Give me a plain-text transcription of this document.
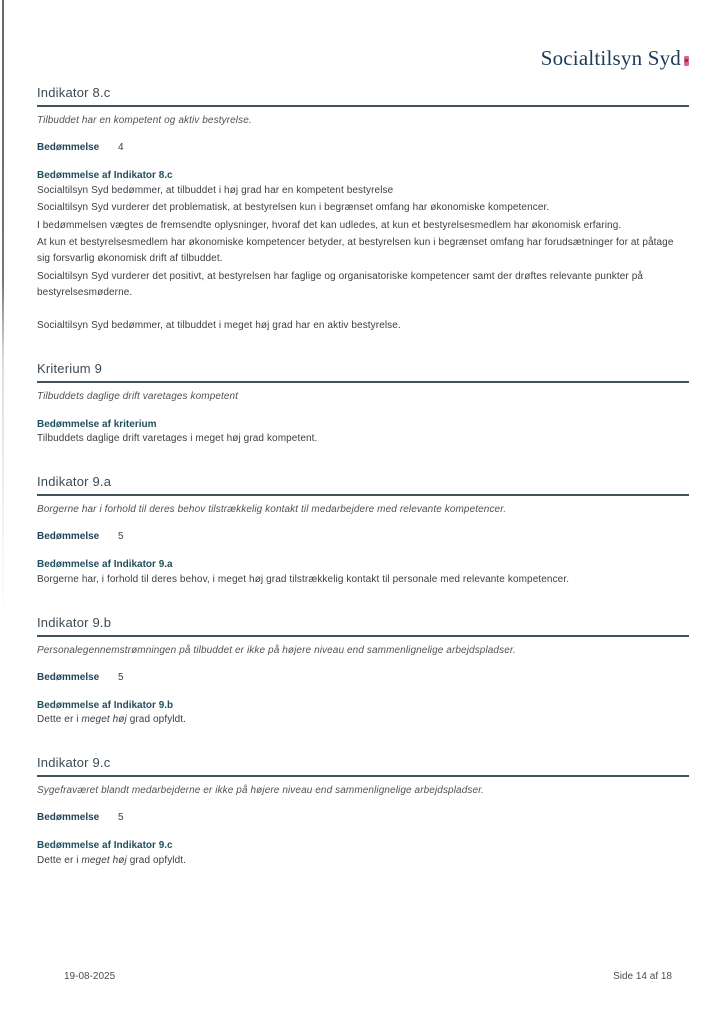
Socialtilsyn Syd
Indikator 8.c
Tilbuddet har en kompetent og aktiv bestyrelse.
Bedømmelse 4
Bedømmelse af Indikator 8.c

Socialtilsyn Syd bedømmer, at tilbuddet i høj grad har en kompetent bestyrelse

Socialtilsyn Syd vurderer det problematisk, at bestyrelsen kun i begrænset omfang har økonomiske kompetencer.

I bedømmelsen vægtes de fremsendte oplysninger, hvoraf det kan udledes, at kun et bestyrelsesmedlem har økonomisk erfaring.

At kun et bestyrelsesmedlem har økonomiske kompetencer betyder, at bestyrelsen kun i begrænset omfang har forudsætninger for at påtage sig forsvarlig økonomisk drift af tilbuddet.

Socialtilsyn Syd vurderer det positivt, at bestyrelsen har faglige og organisatoriske kompetencer samt der drøftes relevante punkter på bestyrelsesmøderne.

Socialtilsyn Syd bedømmer, at tilbuddet i meget høj grad har en aktiv bestyrelse.

Kriterium 9
Tilbuddets daglige drift varetages kompetent
Bedømmelse af kriterium

Tilbuddets daglige drift varetages i meget høj grad kompetent.

Indikator 9.a
Borgerne har i forhold til deres behov tilstrækkelig kontakt til medarbejdere med relevante kompetencer.
Bedømmelse 5
Bedømmelse af Indikator 9.a

Borgerne har, i forhold til deres behov, i meget høj grad tilstrækkelig kontakt til personale med relevante kompetencer.

Indikator 9.b
Personalegennemstrømningen på tilbuddet er ikke på højere niveau end sammenlignelige arbejdspladser.
Bedømmelse 5
Bedømmelse af Indikator 9.b

Dette er i meget høj grad opfyldt.

Indikator 9.c
Sygefraværet blandt medarbejderne er ikke på højere niveau end sammenlignelige arbejdspladser.
Bedømmelse 5
Bedømmelse af Indikator 9.c

Dette er i meget høj grad opfyldt.

19-08-2025	Side 14 af 18
